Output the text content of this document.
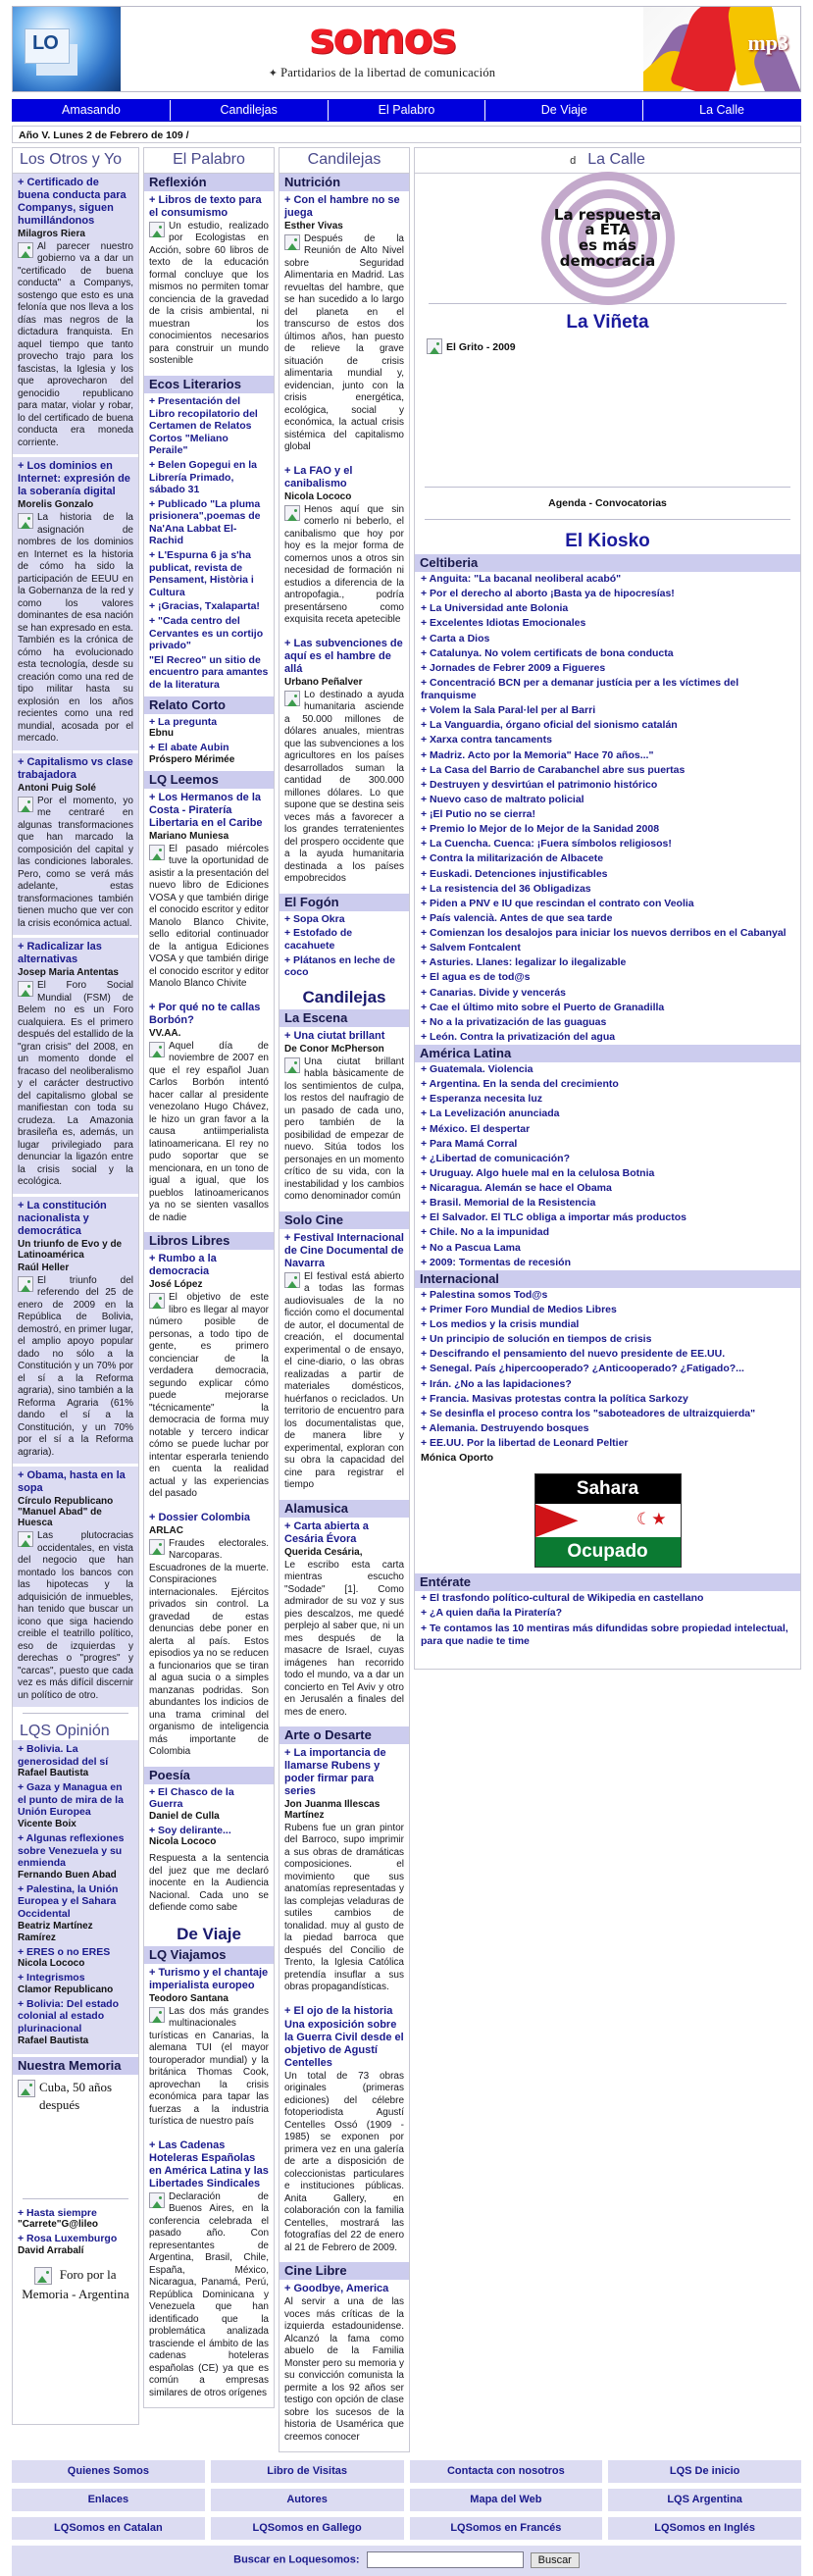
LO
somos
✦ Partidarios de la libertad de comunicación
mp3
Amasando	Candilejas	El Palabro	De Viaje	La Calle
Año V. Lunes 2 de Febrero de 109 /
Los Otros y Yo
+ Certificado de buena conducta para Companys, siguen humillándonos
Milagros Riera
Al parecer nuestro gobierno va a dar un "certificado de buena conducta" a Companys, sostengo que esto es una felonía que nos lleva a los días mas negros de la dictadura franquista. En aquel tiempo que tanto provecho trajo para los fascistas, la Iglesia y los que aprovecharon del genocidio republicano para matar, violar y robar, lo del certificado de buena conducta era moneda corriente.
+ Los dominios en Internet: expresión de la soberanía digital
Morelis Gonzalo
La historia de la asignación de nombres de los dominios en Internet es la historia de cómo ha sido la participación de EEUU en la Gobernanza de la red y como los valores dominantes de esa nación se han expresado en esta. También es la crónica de cómo ha evolucionado esta tecnología, desde su creación como una red de tipo militar hasta su explosión en los años recientes como una red mundial, acosada por el mercado.
+ Capitalismo vs clase trabajadora
Antoni Puig Solé
Por el momento, yo me centraré en algunas transformaciones que han marcado la composición del capital y las condiciones laborales. Pero, como se verá más adelante, estas transformaciones también tienen mucho que ver con la crisis económica actual.
+ Radicalizar las alternativas
Josep Maria Antentas
El Foro Social Mundial (FSM) de Belem no es un Foro cualquiera. Es el primero después del estallido de la "gran crisis" del 2008, en un momento donde el fracaso del neoliberalismo y el carácter destructivo del capitalismo global se manifiestan con toda su crudeza. La Amazonia brasileña es, además, un lugar privilegiado para denunciar la ligazón entre la crisis social y la ecológica.
+ La constitución nacionalista y democrática
Un triunfo de Evo y de Latinoamérica
Raúl Heller
El triunfo del referendo del 25 de enero de 2009 en la República de Bolivia, demostró, en primer lugar, el amplio apoyo popular dado no sólo a la Constitución y un 70% por el sí a la Reforma agraria), sino también a la Reforma Agraria (61% dando el sí a la Constitución, y un 70% por el sí a la Reforma agraria).
+ Obama, hasta en la sopa
Círculo Republicano "Manuel Abad" de Huesca
Las plutocracias occidentales, en vista del negocio que han montado los bancos con las hipotecas y la adquisición de inmuebles, han tenido que buscar un icono que siga haciendo creible el teatrillo político, eso de izquierdas y derechas o "progres" y "carcas", puesto que cada vez es más difícil discernir un político de otro.
LQS Opinión
+ Bolivia. La generosidad del sí
Rafael Bautista
+ Gaza y Managua en el punto de mira de la Unión Europea
Vicente Boix
+ Algunas reflexiones sobre Venezuela y su enmienda
Fernando Buen Abad
+ Palestina, la Unión Europea y el Sahara Occidental
Beatriz Martínez Ramírez
+ ERES o no ERES
Nicola Lococo
+ Integrismos
Clamor Republicano
+ Bolivia: Del estado colonial al estado plurinacional
Rafael Bautista
Nuestra Memoria
Cuba, 50 años después
+ Hasta siempre
"Carrete"G@lileo
+ Rosa Luxemburgo
David Arrabalí
Foro por la Memoria - Argentina
El Palabro
Reflexión
+ Libros de texto para el consumismo
Un estudio, realizado por Ecologistas en Acción, sobre 60 libros de texto de la educación formal concluye que los mismos no permiten tomar conciencia de la gravedad de la crisis ambiental, ni muestran los conocimientos necesarios para construir un mundo sostenible
Ecos Literarios
+ Presentación del Libro recopilatorio del Certamen de Relatos Cortos "Meliano Peraile"
+ Belen Gopegui en la Librería Primado, sábado 31
+ Publicado "La pluma prisionera",poemas de Na'Ana Labbat El-Rachid
+ L'Espurna 6 ja s'ha publicat, revista de Pensament, Història i Cultura
+ ¡Gracias, Txalaparta!
+ "Cada centro del Cervantes es un cortijo privado"
"El Recreo" un sitio de encuentro para amantes de la literatura
Relato Corto
+ La pregunta
Ebnu
+ El abate Aubin
Próspero Mérimée
LQ Leemos
+ Los Hermanos de la Costa - Piratería Libertaria en el Caribe
Mariano Muniesa
El pasado miércoles tuve la oportunidad de asistir a la presentación del nuevo libro de Ediciones VOSA y que también dirige el conocido escritor y editor Manolo Blanco Chivite, sello editorial continuador de la antigua Ediciones VOSA y que también dirige el conocido escritor y editor Manolo Blanco Chivite
+ Por qué no te callas Borbón?
VV.AA.
Aquel día de noviembre de 2007 en que el rey español Juan Carlos Borbón intentó hacer callar al presidente venezolano Hugo Chávez, le hizo un gran favor a la causa antiimperialista latinoamericana. El rey no pudo soportar que se mencionara, en un tono de igual a igual, que los pueblos latinoamericanos ya no se sienten vasallos de nadie
Libros Libres
+ Rumbo a la democracia
José López
El objetivo de este libro es llegar al mayor número posible de personas, a todo tipo de gente, es primero concienciar de la verdadera democracia, segundo explicar cómo puede mejorarse "técnicamente" la democracia de forma muy notable y tercero indicar cómo se puede luchar por intentar esperarla teniendo en cuenta la realidad actual y las experiencias del pasado
+ Dossier Colombia
ARLAC
Fraudes electorales. Narcoparas. Escuadrones de la muerte. Conspiraciones internacionales. Ejércitos privados sin control. La gravedad de estas denuncias debe poner en alerta al país. Estos episodios ya no se reducen a funcionarios que se tiran al agua sucia o a simples manzanas podridas. Son abundantes los indicios de una trama criminal del organismo de inteligencia más importante de Colombia
Poesía
+ El Chasco de la Guerra
Daniel de Culla
+ Soy delirante...
Nicola Lococo
Respuesta a la sentencia del juez que me declaró inocente en la Audiencia Nacional. Cada uno se defiende como sabe
De Viaje
LQ Viajamos
+ Turismo y el chantaje imperialista europeo
Teodoro Santana
Las dos más grandes multinacionales turísticas en Canarias, la alemana TUI (el mayor touroperador mundial) y la británica Thomas Cook, aprovechan la crisis económica para tapar las fuerzas a la industria turística de nuestro país
+ Las Cadenas Hoteleras Españolas en América Latina y las Libertades Sindicales
Declaración de Buenos Aires, en la conferencia celebrada el pasado año. Con representantes de Argentina, Brasil, Chile, España, México, Nicaragua, Panamá, Perú, República Dominicana y Venezuela que han identificado que la problemática analizada trasciende el ámbito de las cadenas hoteleras españolas (CE) ya que es común a empresas similares de otros orígenes
Candilejas
Nutrición
+ Con el hambre no se juega
Esther Vivas
Después de la Reunión de Alto Nivel sobre Seguridad Alimentaria en Madrid. Las revueltas del hambre, que se han sucedido a lo largo del planeta en el transcurso de estos dos últimos años, han puesto de relieve la grave situación de crisis alimentaria mundial y, evidencian, junto con la crisis energética, ecológica, social y económica, la actual crisis sistémica del capitalismo global
+ La FAO y el canibalismo
Nicola Lococo
Henos aquí que sin comerlo ni beberlo, el canibalismo que hoy por hoy es la mejor forma de comernos unos a otros sin necesidad de formación ni estudios a diferencia de la antropofagia., podría presentárseno como exquisita receta apetecible
+ Las subvenciones de aquí es el hambre de allá
Urbano Peñalver
Lo destinado a ayuda humanitaria asciende a 50.000 millones de dólares anuales, mientras que las subvenciones a los agricultores en los países desarrollados suman la cantidad de 300.000 millones dólares. Lo que supone que se destina seis veces más a favorecer a los grandes terratenientes del prospero occidente que a la ayuda humanitaria destinada a los países empobrecidos
El Fogón
+ Sopa Okra
+ Estofado de cacahuete
+ Plátanos en leche de coco
Candilejas
La Escena
+ Una ciutat brillant
De Conor McPherson
Una ciutat brillant habla bàsicamente de los sentimientos de culpa, los restos del naufragio de un pasado de cada uno, pero también de la posibilidad de empezar de nuevo. Sitúa todos los personajes en un momento crítico de su vida, con la inestabilidad y los cambios como denominador común
Solo Cine
+ Festival Internacional de Cine Documental de Navarra
El festival está abierto a todas las formas audiovisuales de la no ficción como el documental de autor, el documental de creación, el documental experimental o de ensayo, el cine-diario, o las obras realizadas a partir de materiales domésticos, huérfanos o reciclados. Un territorio de encuentro para los documentalistas que, de manera libre y experimental, exploran con su obra la capacidad del cine para registrar el tiempo
Alamusica
+ Carta abierta a Cesária Évora
Querida Cesária,
Le escribo esta carta mientras escucho "Sodade" [1]. Como admirador de su voz y sus pies descalzos, me quedé perplejo al saber que, ni un mes después de la masacre de Israel, cuyas imágenes han recorrido todo el mundo, va a dar un concierto en Tel Aviv y otro en Jerusalén a finales del mes de enero.
Arte o Desarte
+ La importancia de llamarse Rubens y poder firmar para series
Jon Juanma Illescas Martínez
Rubens fue un gran pintor del Barroco, supo imprimir a sus obras de dramáticas composiciones. el movimiento que sus anatomías representadas y las complejas veladuras de sutiles cambios de tonalidad. muy al gusto de la piedad barroca que después del Concilio de Trento, la Iglesia Católica pretendía insuflar a sus obras propagandísticas.
+ El ojo de la historia
Una exposición sobre la Guerra Civil desde el objetivo de Agustí Centelles
Un total de 73 obras originales (primeras ediciones) del célebre fotoperiodista Agustí Centelles Ossó (1909 - 1985) se exponen por primera vez en una galería de arte a disposición de coleccionistas particulares e instituciones públicas. Anita Gallery, en colaboración con la familia Centelles, mostrará las fotografías del 22 de enero al 21 de Febrero de 2009.
Cine Libre
+ Goodbye, America
Al servir a una de las voces más críticas de la izquierda estadounidense. Alcanzó la fama como abuelo de la Familia Monster pero su memoria y su convicción comunista la permite a los 92 años ser testigo con opción de clase sobre los sucesos de la historia de Usamérica que creemos conocer
d La Calle
La respuesta
a ETA
es más
democracia
La Viñeta
El Grito - 2009
Agenda - Convocatorias
El Kiosko
Celtiberia
+ Anguita: "La bacanal neoliberal acabó"
+ Por el derecho al aborto ¡Basta ya de hipocresías!
+ La Universidad ante Bolonia
+ Excelentes Idiotas Emocionales
+ Carta a Dios
+ Catalunya. No volem certificats de bona conducta
+ Jornades de Febrer 2009 a Figueres
+ Concentració BCN per a demanar justícia per a les víctimes del franquisme
+ Volem la Sala Paral·lel per al Barri
+ La Vanguardia, órgano oficial del sionismo catalán
+ Xarxa contra tancaments
+ Madriz. Acto por la Memoria" Hace 70 años..."
+ La Casa del Barrio de Carabanchel abre sus puertas
+ Destruyen y desvirtúan el patrimonio histórico
+ Nuevo caso de maltrato policial
+ ¡El Putio no se cierra!
+ Premio lo Mejor de lo Mejor de la Sanidad 2008
+ La Cuencha. Cuenca: ¡Fuera símbolos religiosos!
+ Contra la militarización de Albacete
+ Euskadi. Detenciones injustificables
+ La resistencia del 36 Obligadizas
+ Piden a PNV e IU que rescindan el contrato con Veolia
+ País valencià. Antes de que sea tarde
+ Comienzan los desalojos para iniciar los nuevos derribos en el Cabanyal
+ Salvem Fontcalent
+ Asturies. Llanes: legalizar lo ilegalizable
+ El agua es de tod@s
+ Canarias. Divide y vencerás
+ Cae el último mito sobre el Puerto de Granadilla
+ No a la privatización de las guaguas
+ León. Contra la privatización del agua
América Latina
+ Guatemala. Violencia
+ Argentina. En la senda del crecimiento
+ Esperanza necesita luz
+ La Levelización anunciada
+ México. El despertar
+ Para Mamá Corral
+ ¿Libertad de comunicación?
+ Uruguay. Algo huele mal en la celulosa Botnia
+ Nicaragua. Alemán se hace el Obama
+ Brasil. Memorial de la Resistencia
+ El Salvador. El TLC obliga a importar más productos
+ Chile. No a la impunidad
+ No a Pascua Lama
+ 2009: Tormentas de recesión
Internacional
+ Palestina somos Tod@s
+ Primer Foro Mundial de Medios Libres
+ Los medios y la crisis mundial
+ Un principio de solución en tiempos de crisis
+ Descifrando el pensamiento del nuevo presidente de EE.UU.
+ Senegal. País ¿hipercooperado? ¿Anticooperado? ¿Fatigado?...
+ Irán. ¿No a las lapidaciones?
+ Francia. Masivas protestas contra la política Sarkozy
+ Se desinfla el proceso contra los "saboteadores de ultraizquierda"
+ Alemania. Destruyendo bosques
+ EE.UU. Por la libertad de Leonard Peltier
Mónica Oporto
Sahara
☾★
Ocupado
Entérate
+ El trasfondo político-cultural de Wikipedia en castellano
+ ¿A quien daña la Piratería?
+ Te contamos las 10 mentiras más difundidas sobre propiedad intelectual, para que nadie te time
Quienes Somos	Libro de Visitas	Contacta con nosotros	LQS De inicio
Enlaces	Autores	Mapa del Web	LQS Argentina
LQSomos en Catalan	LQSomos en Gallego	LQSomos en Francés	LQSomos en Inglés
Buscar en Loquesomos:	Buscar
